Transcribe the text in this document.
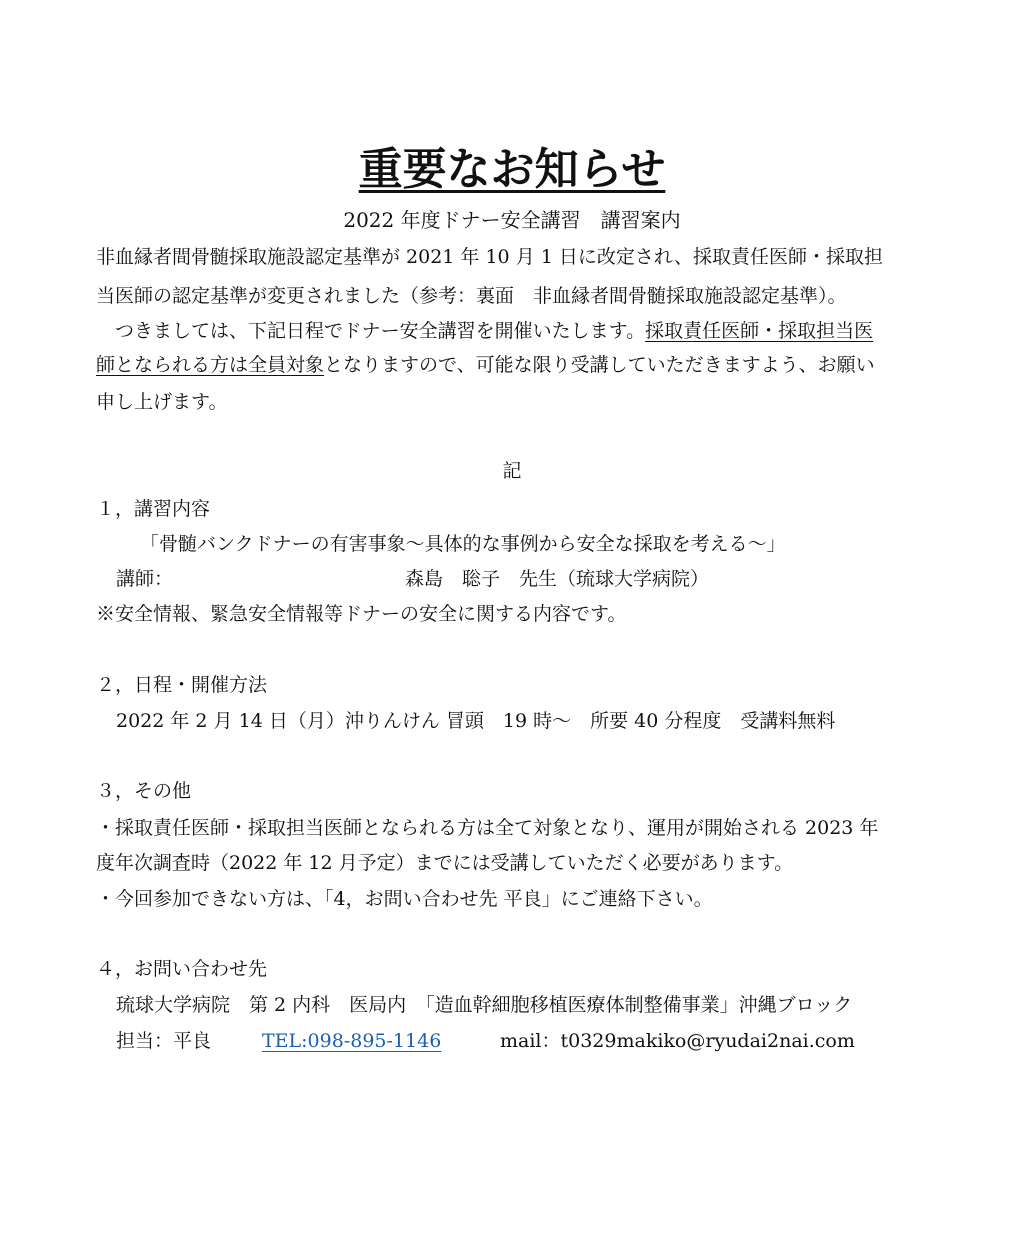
重要なお知らせ
2022 年度ドナー安全講習　講習案内
非血縁者間骨髄採取施設認定基準が 2021 年 10 月 1 日に改定され、採取責任医師・採取担
当医師の認定基準が変更されました（参考：裏面　非血縁者間骨髄採取施設認定基準）。
　つきましては、下記日程でドナー安全講習を開催いたします。採取責任医師・採取担当医
師となられる方は全員対象となりますので、可能な限り受講していただきますよう、お願い
申し上げます。
記
１，講習内容
「骨髄バンクドナーの有害事象～具体的な事例から安全な採取を考える～」
講師：	森島　聡子　先生（琉球大学病院）
※安全情報、緊急安全情報等ドナーの安全に関する内容です。
２，日程・開催方法
2022 年 2 月 14 日（月）沖りんけん 冒頭　19 時～　所要 40 分程度　受講料無料
３，その他
・採取責任医師・採取担当医師となられる方は全て対象となり、運用が開始される 2023 年
度年次調査時（2022 年 12 月予定）までには受講していただく必要があります。
・今回参加できない方は、「4，お問い合わせ先 平良」にご連絡下さい。
４，お問い合わせ先
琉球大学病院　第 2 内科　医局内　「造血幹細胞移植医療体制整備事業」沖縄ブロック
担当：平良	TEL:098-895-1146	mail：t0329makiko@ryudai2nai.com
